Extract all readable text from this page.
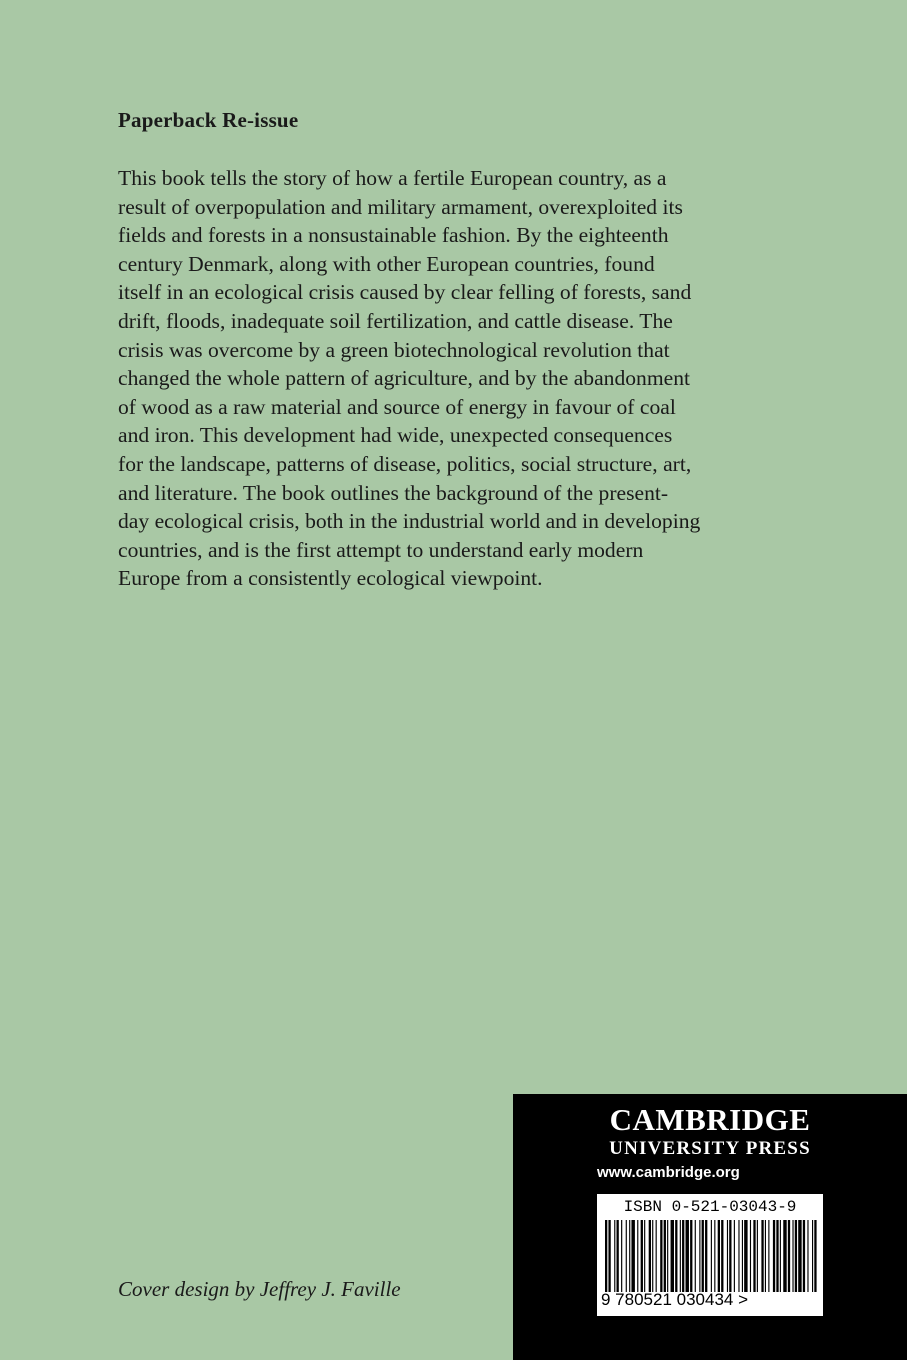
Paperback Re-issue
This book tells the story of how a fertile European country, as a
result of overpopulation and military armament, overexploited its
fields and forests in a nonsustainable fashion. By the eighteenth
century Denmark, along with other European countries, found
itself in an ecological crisis caused by clear felling of forests, sand
drift, floods, inadequate soil fertilization, and cattle disease. The
crisis was overcome by a green biotechnological revolution that
changed the whole pattern of agriculture, and by the abandonment
of wood as a raw material and source of energy in favour of coal
and iron. This development had wide, unexpected consequences
for the landscape, patterns of disease, politics, social structure, art,
and literature. The book outlines the background of the present-
day ecological crisis, both in the industrial world and in developing
countries, and is the first attempt to understand early modern
Europe from a consistently ecological viewpoint.

Cover design by Jeffrey J. Faville

CAMBRIDGE
UNIVERSITY PRESS
www.cambridge.org
ISBN 0-521-03043-9
9 780521 030434 >
